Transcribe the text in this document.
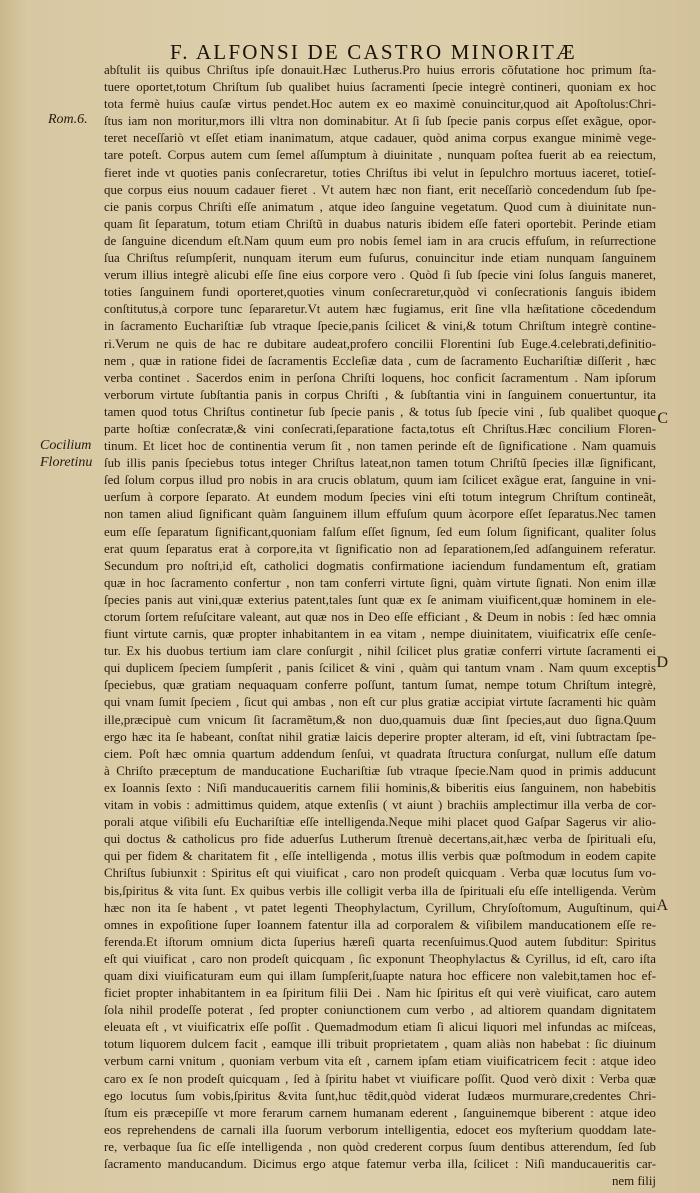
F. ALFONSI DE CASTRO MINORITÆ
Rom.6.
Cocilium
Floretinu
C
D
A
abſtulit iis quibus Chriſtus ipſe donauit.Hæc Lutherus.Pro huius erroris cõfutatione hoc primum ſta-
tuere oportet,totum Chriſtum ſub qualibet huius ſacramenti ſpecie integrè contineri, quoniam ex hoc
tota fermè huius cauſæ virtus pendet.Hoc autem ex eo maximè conuincitur,quod ait Apoſtolus:Chri-
ſtus iam non moritur,mors illi vltra non dominabitur. At ſi ſub ſpecie panis corpus eſſet exãgue, opor-
teret neceſſariò vt eſſet etiam inanimatum, atque cadauer, quòd anima corpus exangue minimè vege-
tare poteſt. Corpus autem cum ſemel aſſumptum à diuinitate , nunquam poſtea fuerit ab ea reiectum,
fieret inde vt quoties panis conſecraretur, toties Chriſtus ibi velut in ſepulchro mortuus iaceret, totieſ-
que corpus eius nouum cadauer fieret . Vt autem hæc non fiant, erit neceſſariò concedendum ſub ſpe-
cie panis corpus Chriſti eſſe animatum , atque ideo ſanguine vegetatum. Quod cum à diuinitate nun-
quam ſit ſeparatum, totum etiam Chriſtũ in duabus naturis ibidem eſſe fateri oportebit. Perinde etiam
de ſanguine dicendum eſt.Nam quum eum pro nobis ſemel iam in ara crucis effuſum, in reſurrectione
ſua Chriſtus reſumpſerit, nunquam iterum eum fuſurus, conuincitur inde etiam nunquam ſanguinem
verum illius integrè alicubi eſſe ſine eius corpore vero . Quòd ſi ſub ſpecie vini ſolus ſanguis maneret,
toties ſanguinem fundi oporteret,quoties vinum conſecraretur,quòd vi conſecrationis ſanguis ibidem
conſtitutus,à corpore tunc ſepararetur.Vt autem hæc fugiamus, erit ſine vlla hæſitatione cõcedendum
in ſacramento Euchariſtiæ ſub vtraque ſpecie,panis ſcilicet & vini,& totum Chriſtum integrè contine-
ri.Verum ne quis de hac re dubitare audeat,profero concilii Florentini ſub Euge.4.celebrati,definitio-
nem , quæ in ratione fidei de ſacramentis Eccleſiæ data , cum de ſacramento Euchariſtiæ diſſerit , hæc
verba continet . Sacerdos enim in perſona Chriſti loquens, hoc conficit ſacramentum . Nam ipſorum
verborum virtute ſubſtantia panis in corpus Chriſti , & ſubſtantia vini in ſanguinem conuertuntur, ita
tamen quod totus Chriſtus continetur ſub ſpecie panis , & totus ſub ſpecie vini , ſub qualibet quoque
parte hoſtiæ conſecratæ,& vini conſecrati,ſeparatione facta,totus eſt Chriſtus.Hæc concilium Floren-
tinum. Et licet hoc de continentia verum ſit , non tamen perinde eſt de ſignificatione . Nam quamuis
ſub illis panis ſpeciebus totus integer Chriſtus lateat,non tamen totum Chriſtũ ſpecies illæ ſignificant,
ſed ſolum corpus illud pro nobis in ara crucis oblatum, quum iam ſcilicet exãgue erat, ſanguine in vni-
uerſum à corpore ſeparato. At eundem modum ſpecies vini eſti totum integrum Chriſtum contineãt,
non tamen aliud ſignificant quàm ſanguinem illum effuſum quum àcorpore eſſet ſeparatus.Nec tamen
eum eſſe ſeparatum ſignificant,quoniam falſum eſſet ſignum, ſed eum ſolum ſignificant, qualiter ſolus
erat quum ſeparatus erat à corpore,ita vt ſignificatio non ad ſeparationem,ſed adſanguinem referatur.
Secundum pro noſtri,id eſt, catholici dogmatis confirmatione iaciendum fundamentum eſt, gratiam
quæ in hoc ſacramento confertur , non tam conferri virtute ſigni, quàm virtute ſignati. Non enim illæ
ſpecies panis aut vini,quæ exterius patent,tales ſunt quæ ex ſe animam viuificent,quæ hominem in ele-
ctorum ſortem reſuſcitare valeant, aut quæ nos in Deo eſſe efficiant , & Deum in nobis : ſed hæc omnia
fiunt virtute carnis, quæ propter inhabitantem in ea vitam , nempe diuinitatem, viuificatrix eſſe cenſe-
tur. Ex his duobus tertium iam clare conſurgit , nihil ſcilicet plus gratiæ conferri virtute ſacramenti ei
qui duplicem ſpeciem ſumpſerit , panis ſcilicet & vini , quàm qui tantum vnam . Nam quum exceptis
ſpeciebus, quæ gratiam nequaquam conferre poſſunt, tantum ſumat, nempe totum Chriſtum integrè,
qui vnam ſumit ſpeciem , ſicut qui ambas , non eſt cur plus gratiæ accipiat virtute ſacramenti hic quàm
ille,præcipuè cum vnicum ſit ſacramẽtum,& non duo,quamuis duæ ſint ſpecies,aut duo ſigna.Quum
ergo hæc ita ſe habeant, conſtat nihil gratiæ laicis deperire propter alteram, id eſt, vini ſubtractam ſpe-
ciem. Poſt hæc omnia quartum addendum ſenſui, vt quadrata ſtructura conſurgat, nullum eſſe datum
à Chriſto præceptum de manducatione Euchariſtiæ ſub vtraque ſpecie.Nam quod in primis adducunt
ex Ioannis ſexto : Niſi manducaueritis carnem filii hominis,& biberitis eius ſanguinem, non habebitis
vitam in vobis : admittimus quidem, atque extenſis ( vt aiunt ) brachiis amplectimur illa verba de cor-
porali atque viſibili eſu Euchariſtiæ eſſe intelligenda.Neque mihi placet quod Gaſpar Sagerus vir alio-
qui doctus & catholicus pro fide aduerſus Lutherum ſtrenuè decertans,ait,hæc verba de ſpirituali eſu,
qui per fidem & charitatem fit , eſſe intelligenda , motus illis verbis quæ poſtmodum in eodem capite
Chriſtus ſubiunxit : Spiritus eſt qui viuificat , caro non prodeſt quicquam . Verba quæ locutus ſum vo-
bis,ſpiritus & vita ſunt. Ex quibus verbis ille colligit verba illa de ſpirituali eſu eſſe intelligenda. Verùm
hæc non ita ſe habent , vt patet legenti Theophylactum, Cyrillum, Chryſoſtomum, Auguſtinum, qui
omnes in expoſitione ſuper Ioannem fatentur illa ad corporalem & viſibilem manducationem eſſe re-
ferenda.Et iſtorum omnium dicta ſuperius hæreſi quarta recenſuimus.Quod autem ſubditur: Spiritus
eſt qui viuificat , caro non prodeſt quicquam , ſic exponunt Theophylactus & Cyrillus, id eſt, caro iſta
quam dixi viuificaturam eum qui illam ſumpſerit,ſuapte natura hoc efficere non valebit,tamen hoc ef-
ficiet propter inhabitantem in ea ſpiritum filii Dei . Nam hic ſpiritus eſt qui verè viuificat, caro autem
ſola nihil prodeſſe poterat , ſed propter coniunctionem cum verbo , ad altiorem quandam dignitatem
eleuata eſt , vt viuificatrix eſſe poſſit . Quemadmodum etiam ſi alicui liquori mel infundas ac miſceas,
totum liquorem dulcem facit , eamque illi tribuit proprietatem , quam aliàs non habebat : ſic diuinum
verbum carni vnitum , quoniam verbum vita eſt , carnem ipſam etiam viuificatricem fecit : atque ideo
caro ex ſe non prodeſt quicquam , ſed à ſpiritu habet vt viuificare poſſit. Quod verò dixit : Verba quæ
ego locutus ſum vobis,ſpiritus &vita ſunt,huc tẽdit,quòd viderat Iudæos murmurare,credentes Chri-
ſtum eis præcepiſſe vt more ferarum carnem humanam ederent , ſanguinemque biberent : atque ideo
eos reprehendens de carnali illa ſuorum verborum intelligentia, edocet eos myſterium quoddam late-
re, verbaque ſua ſic eſſe intelligenda , non quòd crederent corpus ſuum dentibus atterendum, ſed ſub
ſacramento manducandum. Dicimus ergo atque fatemur verba illa, ſcilicet : Niſi manducaueritis car-
nem filij
